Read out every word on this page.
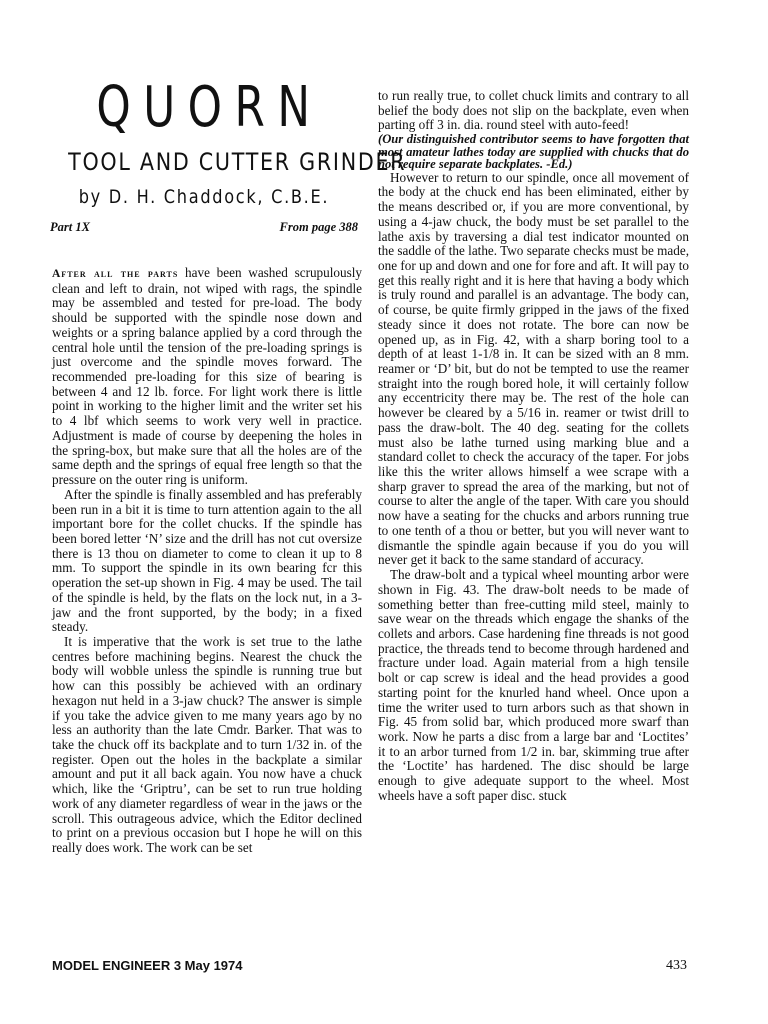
QUORN
TOOL AND CUTTER GRINDER
by D. H. Chaddock, C.B.E.
Part 1X	From page 388

After all the parts have been washed scrupulously clean and left to drain, not wiped with rags, the spindle may be assembled and tested for pre-load. The body should be supported with the spindle nose down and weights or a spring balance applied by a cord through the central hole until the tension of the pre-loading springs is just overcome and the spindle moves forward. The recommended pre-loading for this size of bearing is between 4 and 12 lb. force. For light work there is little point in working to the higher limit and the writer set his to 4 lbf which seems to work very well in practice. Adjustment is made of course by deepening the holes in the spring-box, but make sure that all the holes are of the same depth and the springs of equal free length so that the pressure on the outer ring is uniform.

After the spindle is finally assembled and has preferably been run in a bit it is time to turn attention again to the all important bore for the collet chucks. If the spindle has been bored letter ‘N’ size and the drill has not cut oversize there is 13 thou on diameter to come to clean it up to 8 mm. To support the spindle in its own bearing fcr this operation the set-up shown in Fig. 4 may be used. The tail of the spindle is held, by the flats on the lock nut, in a 3-jaw and the front supported, by the body; in a fixed steady.

It is imperative that the work is set true to the lathe centres before machining begins. Nearest the chuck the body will wobble unless the spindle is running true but how can this possibly be achieved with an ordinary hexagon nut held in a 3-jaw chuck? The answer is simple if you take the advice given to me many years ago by no less an authority than the late Cmdr. Barker. That was to take the chuck off its backplate and to turn 1/32 in. of the register. Open out the holes in the backplate a similar amount and put it all back again. You now have a chuck which, like the ‘Griptru’, can be set to run true holding work of any diameter regardless of wear in the jaws or the scroll. This outrageous advice, which the Editor declined to print on a previous occasion but I hope he will on this really does work. The work can be set

to run really true, to collet chuck limits and contrary to all belief the body does not slip on the backplate, even when parting off 3 in. dia. round steel with auto-feed!

(Our distinguished contributor seems to have forgotten that most amateur lathes today are supplied with chucks that do not require separate backplates. -Ed.)

However to return to our spindle, once all movement of the body at the chuck end has been eliminated, either by the means described or, if you are more conventional, by using a 4-jaw chuck, the body must be set parallel to the lathe axis by traversing a dial test indicator mounted on the saddle of the lathe. Two separate checks must be made, one for up and down and one for fore and aft. It will pay to get this really right and it is here that having a body which is truly round and parallel is an advantage. The body can, of course, be quite firmly gripped in the jaws of the fixed steady since it does not rotate. The bore can now be opened up, as in Fig. 42, with a sharp boring tool to a depth of at least 1-1/8 in. It can be sized with an 8 mm. reamer or ‘D’ bit, but do not be tempted to use the reamer straight into the rough bored hole, it will certainly follow any eccentricity there may be. The rest of the hole can however be cleared by a 5/16 in. reamer or twist drill to pass the draw-bolt. The 40 deg. seating for the collets must also be lathe turned using marking blue and a standard collet to check the accuracy of the taper. For jobs like this the writer allows himself a wee scrape with a sharp graver to spread the area of the marking, but not of course to alter the angle of the taper. With care you should now have a seating for the chucks and arbors running true to one tenth of a thou or better, but you will never want to dismantle the spindle again because if you do you will never get it back to the same standard of accuracy.

The draw-bolt and a typical wheel mounting arbor were shown in Fig. 43. The draw-bolt needs to be made of something better than free-cutting mild steel, mainly to save wear on the threads which engage the shanks of the collets and arbors. Case hardening fine threads is not good practice, the threads tend to become through hardened and fracture under load. Again material from a high tensile bolt or cap screw is ideal and the head provides a good starting point for the knurled hand wheel. Once upon a time the writer used to turn arbors such as that shown in Fig. 45 from solid bar, which produced more swarf than work. Now he parts a disc from a large bar and ‘Loctites’ it to an arbor turned from 1/2 in. bar, skimming true after the ‘Loctite’ has hardened. The disc should be large enough to give adequate support to the wheel. Most wheels have a soft paper disc. stuck

MODEL ENGINEER 3 May 1974	433
